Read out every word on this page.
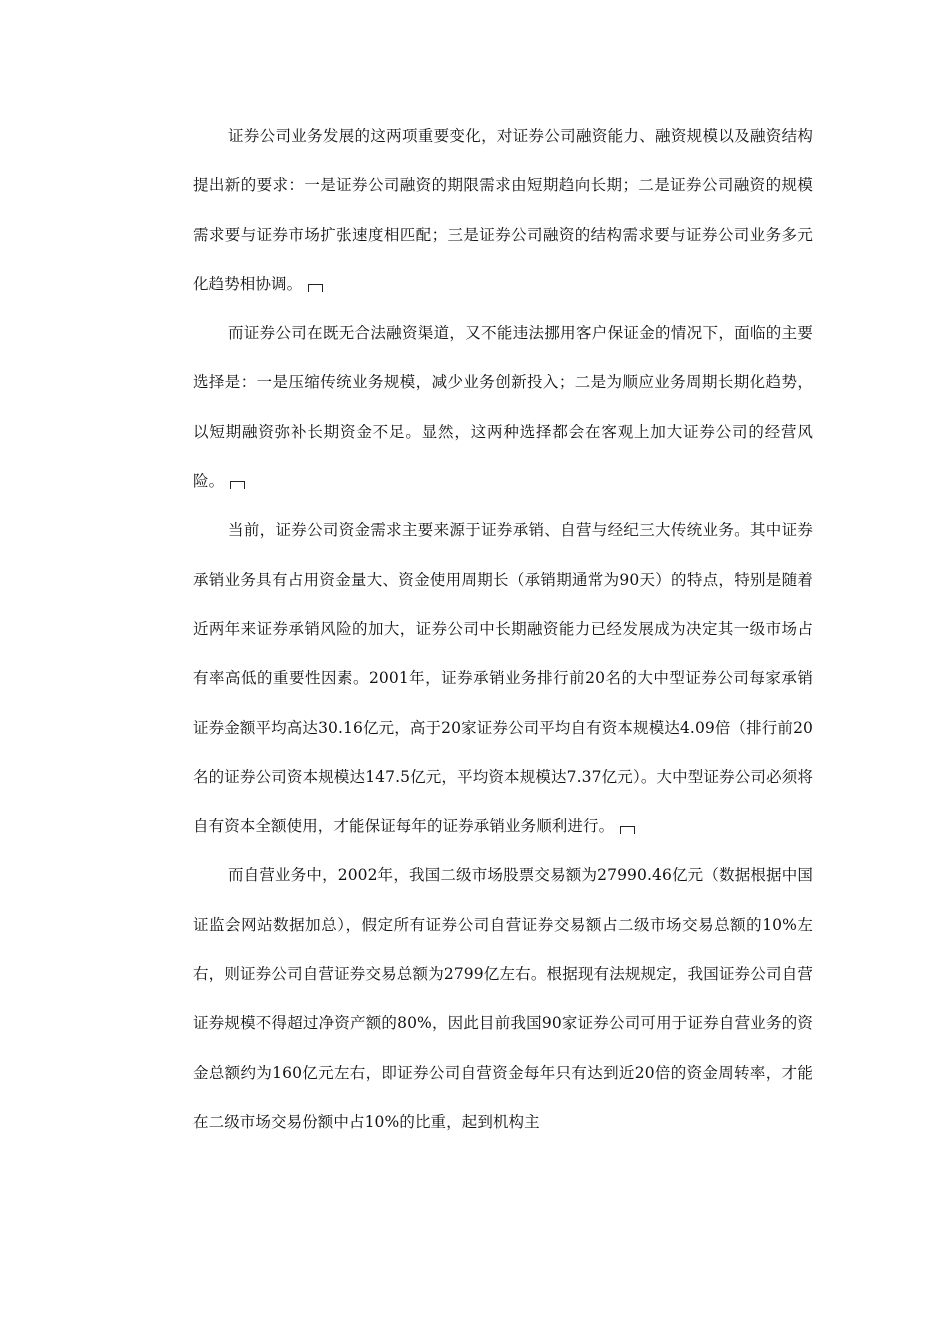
证券公司业务发展的这两项重要变化，对证券公司融资能力、融资规模以及融资结构提出新的要求：一是证券公司融资的期限需求由短期趋向长期；二是证券公司融资的规模需求要与证券市场扩张速度相匹配；三是证券公司融资的结构需求要与证券公司业务多元化趋势相协调。

而证券公司在既无合法融资渠道，又不能违法挪用客户保证金的情况下，面临的主要选择是：一是压缩传统业务规模，减少业务创新投入；二是为顺应业务周期长期化趋势，以短期融资弥补长期资金不足。显然，这两种选择都会在客观上加大证券公司的经营风险。

当前，证券公司资金需求主要来源于证券承销、自营与经纪三大传统业务。其中证券承销业务具有占用资金量大、资金使用周期长（承销期通常为90天）的特点，特别是随着近两年来证券承销风险的加大，证券公司中长期融资能力已经发展成为决定其一级市场占有率高低的重要性因素。2001年，证券承销业务排行前20名的大中型证券公司每家承销证券金额平均高达30.16亿元，高于20家证券公司平均自有资本规模达4.09倍（排行前20名的证券公司资本规模达147.5亿元，平均资本规模达7.37亿元）。大中型证券公司必须将自有资本全额使用，才能保证每年的证券承销业务顺利进行。

而自营业务中，2002年，我国二级市场股票交易额为27990.46亿元（数据根据中国证监会网站数据加总），假定所有证券公司自营证券交易额占二级市场交易总额的10%左右，则证券公司自营证券交易总额为2799亿左右。根据现有法规规定，我国证券公司自营证券规模不得超过净资产额的80%，因此目前我国90家证券公司可用于证券自营业务的资金总额约为160亿元左右，即证券公司自营资金每年只有达到近20倍的资金周转率，才能在二级市场交易份额中占10%的比重，起到机构主
